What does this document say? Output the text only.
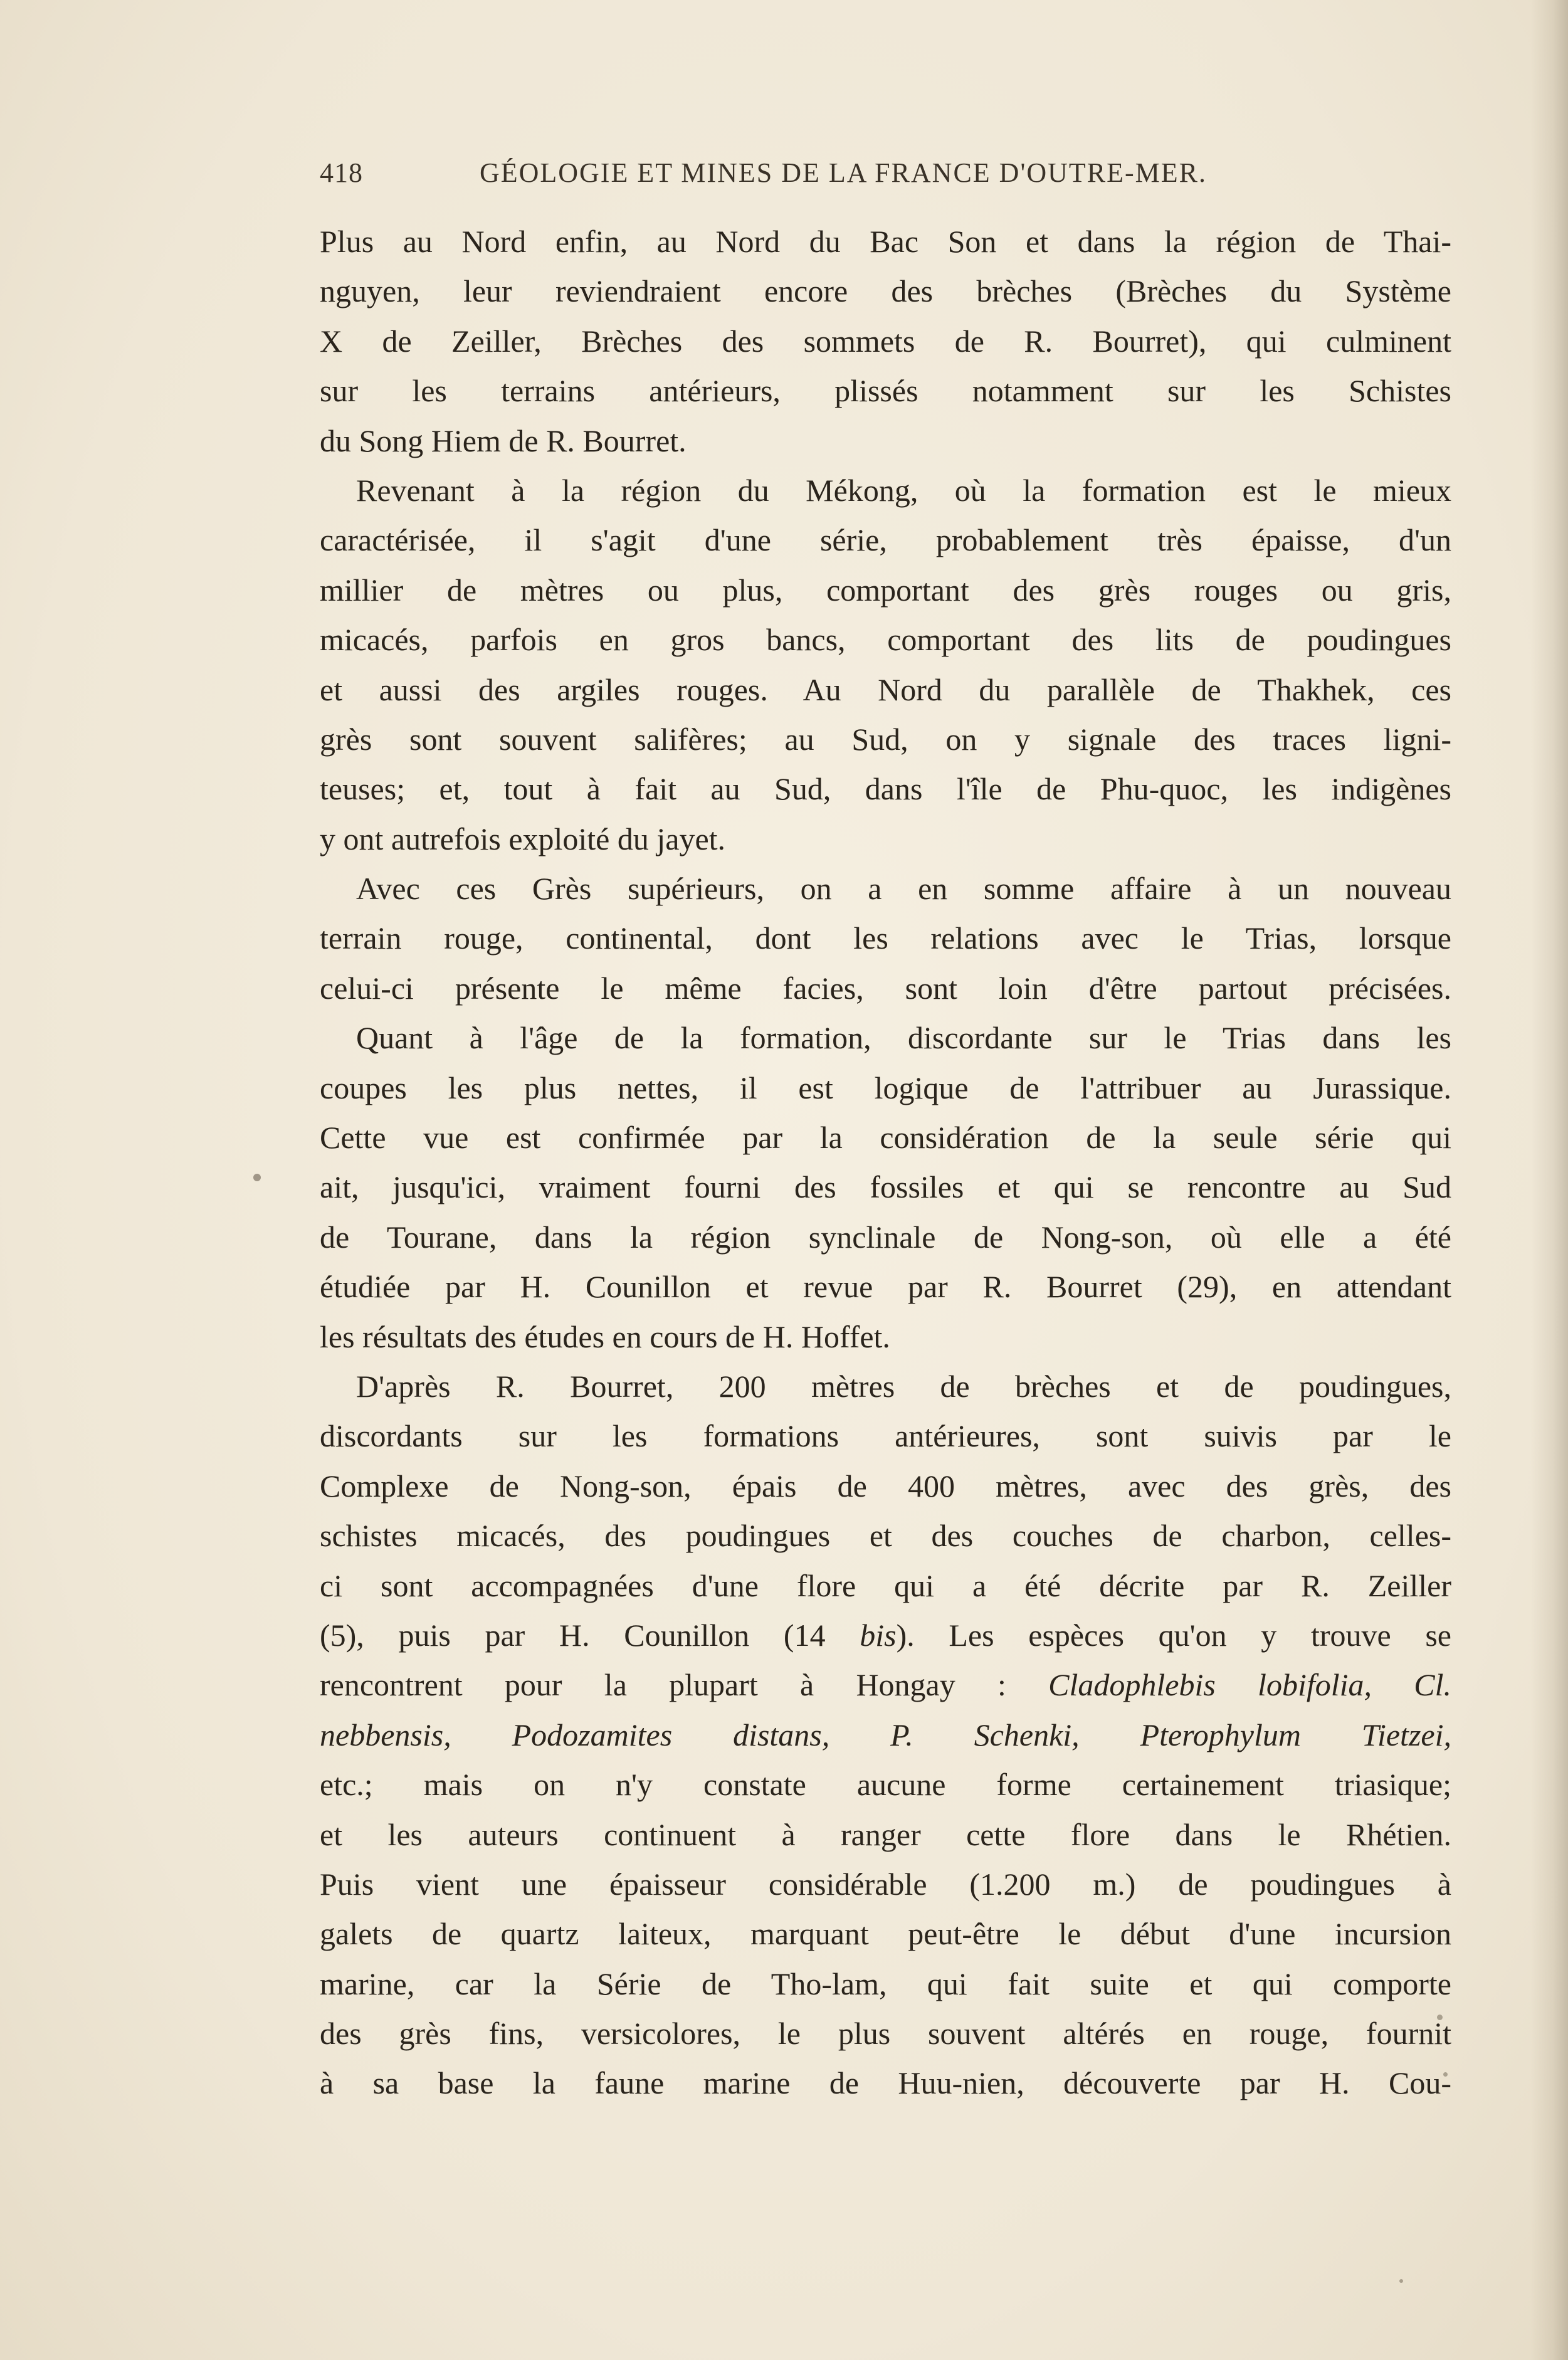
418	GÉOLOGIE ET MINES DE LA FRANCE D'OUTRE-MER.
Plus au Nord enfin, au Nord du Bac Son et dans la région de Thai-
nguyen, leur reviendraient encore des brèches (Brèches du Système
X de Zeiller, Brèches des sommets de R. Bourret), qui culminent
sur les terrains antérieurs, plissés notamment sur les Schistes
du Song Hiem de R. Bourret.
Revenant à la région du Mékong, où la formation est le mieux
caractérisée, il s'agit d'une série, probablement très épaisse, d'un
millier de mètres ou plus, comportant des grès rouges ou gris,
micacés, parfois en gros bancs, comportant des lits de poudingues
et aussi des argiles rouges. Au Nord du parallèle de Thakhek, ces
grès sont souvent salifères; au Sud, on y signale des traces ligni-
teuses; et, tout à fait au Sud, dans l'île de Phu-quoc, les indigènes
y ont autrefois exploité du jayet.
Avec ces Grès supérieurs, on a en somme affaire à un nouveau
terrain rouge, continental, dont les relations avec le Trias, lorsque
celui-ci présente le même facies, sont loin d'être partout précisées.
Quant à l'âge de la formation, discordante sur le Trias dans les
coupes les plus nettes, il est logique de l'attribuer au Jurassique.
Cette vue est confirmée par la considération de la seule série qui
ait, jusqu'ici, vraiment fourni des fossiles et qui se rencontre au Sud
de Tourane, dans la région synclinale de Nong-son, où elle a été
étudiée par H. Counillon et revue par R. Bourret (29), en attendant
les résultats des études en cours de H. Hoffet.
D'après R. Bourret, 200 mètres de brèches et de poudingues,
discordants sur les formations antérieures, sont suivis par le
Complexe de Nong-son, épais de 400 mètres, avec des grès, des
schistes micacés, des poudingues et des couches de charbon, celles-
ci sont accompagnées d'une flore qui a été décrite par R. Zeiller
(5), puis par H. Counillon (14 bis). Les espèces qu'on y trouve se
rencontrent pour la plupart à Hongay : Cladophlebis lobifolia, Cl.
nebbensis, Podozamites distans, P. Schenki, Pterophylum Tietzei,
etc.; mais on n'y constate aucune forme certainement triasique;
et les auteurs continuent à ranger cette flore dans le Rhétien.
Puis vient une épaisseur considérable (1.200 m.) de poudingues à
galets de quartz laiteux, marquant peut-être le début d'une incursion
marine, car la Série de Tho-lam, qui fait suite et qui comporte
des grès fins, versicolores, le plus souvent altérés en rouge, fournit
à sa base la faune marine de Huu-nien, découverte par H. Cou-
